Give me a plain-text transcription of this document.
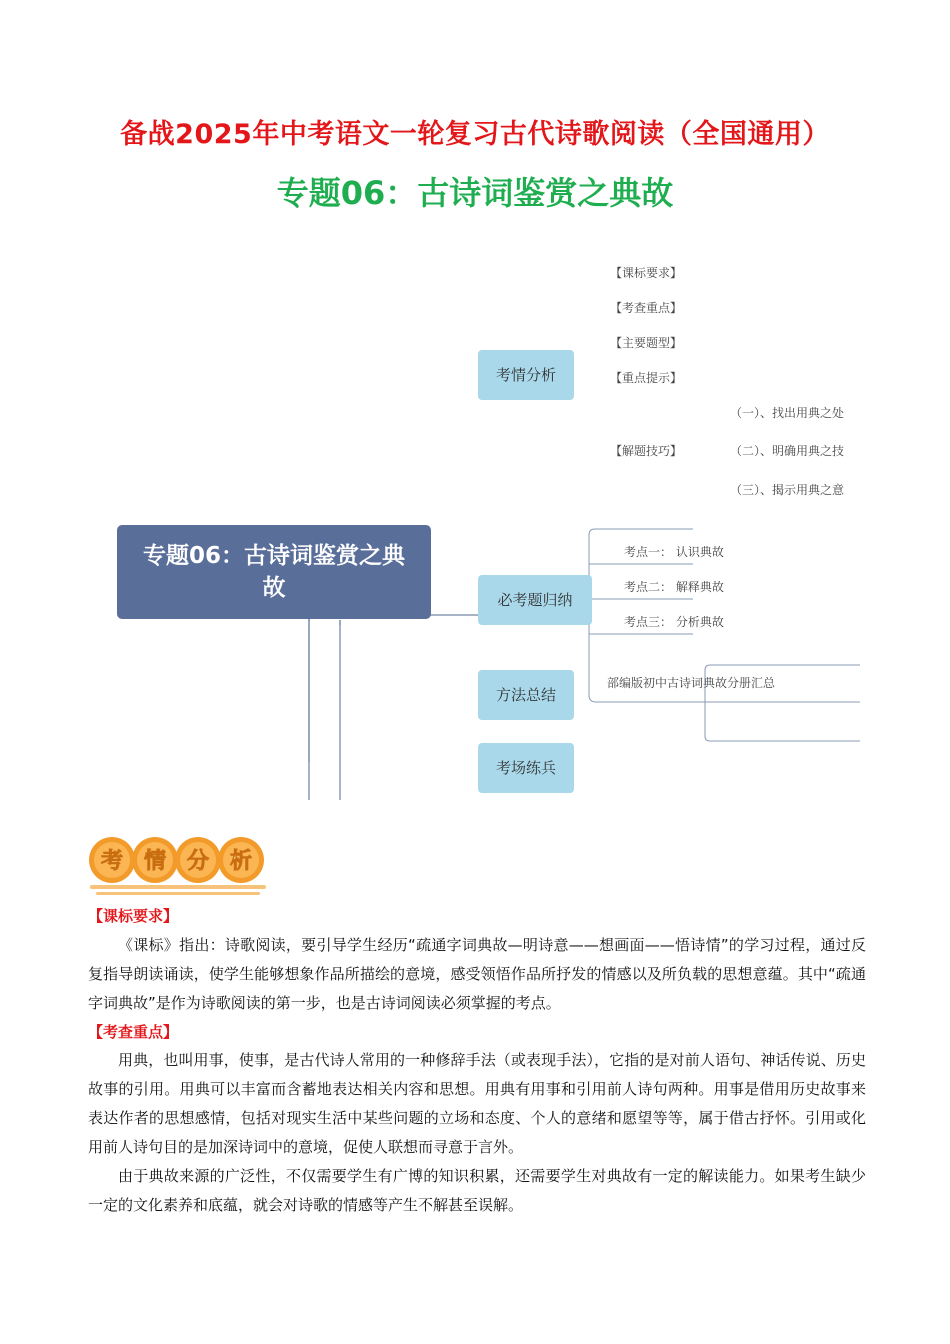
备战2025年中考语文一轮复习古代诗歌阅读（全国通用）
专题06：古诗词鉴赏之典故
专题06：古诗词鉴赏之典故
考情分析
必考题归纳
方法总结
考场练兵
【课标要求】
【考查重点】
【主要题型】
【重点提示】
【解题技巧】
（一）、找出用典之处
（二）、明确用典之技
（三）、揭示用典之意
考点一： 认识典故
考点二： 解释典故
考点三： 分析典故
部编版初中古诗词典故分册汇总
考 情 分 析
【课标要求】
《课标》指出：诗歌阅读，要引导学生经历“疏通字词典故—明诗意——想画面——悟诗情”的学习过程，通过反复指导朗读诵读，使学生能够想象作品所描绘的意境，感受领悟作品所抒发的情感以及所负载的思想意蕴。其中“疏通字词典故”是作为诗歌阅读的第一步，也是古诗词阅读必须掌握的考点。
【考查重点】
用典，也叫用事，使事，是古代诗人常用的一种修辞手法（或表现手法），它指的是对前人语句、神话传说、历史故事的引用。用典可以丰富而含蓄地表达相关内容和思想。用典有用事和引用前人诗句两种。用事是借用历史故事来表达作者的思想感情，包括对现实生活中某些问题的立场和态度、个人的意绪和愿望等等，属于借古抒怀。引用或化用前人诗句目的是加深诗词中的意境，促使人联想而寻意于言外。
由于典故来源的广泛性，不仅需要学生有广博的知识积累，还需要学生对典故有一定的解读能力。如果考生缺少一定的文化素养和底蕴，就会对诗歌的情感等产生不解甚至误解。
